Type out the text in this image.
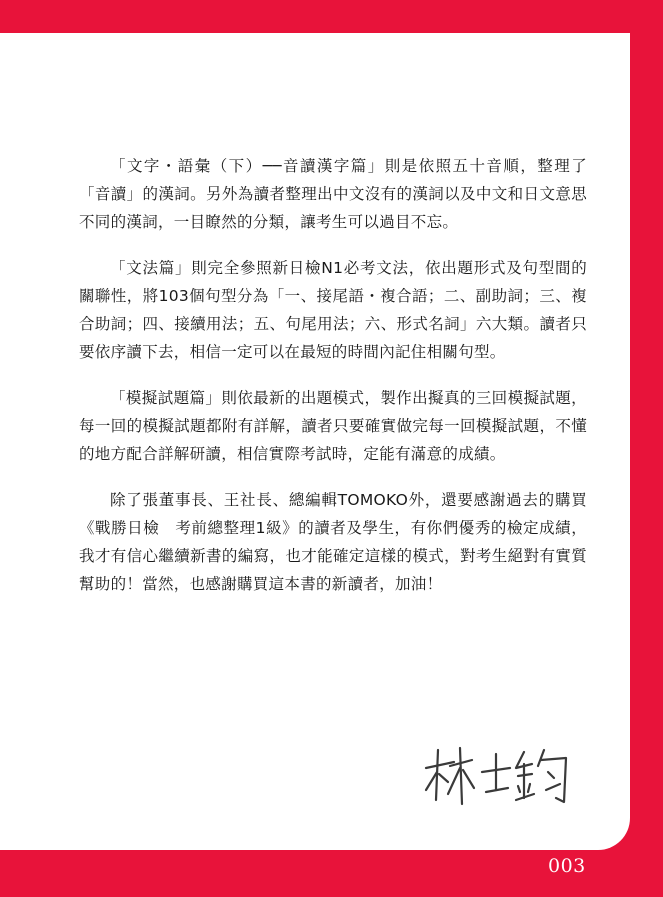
「文字・語彙（下）──音讀漢字篇」則是依照五十音順，整理了「音讀」的漢詞。另外為讀者整理出中文沒有的漢詞以及中文和日文意思不同的漢詞，一目瞭然的分類，讓考生可以過目不忘。

「文法篇」則完全參照新日檢N1必考文法，依出題形式及句型間的關聯性，將103個句型分為「一、接尾語・複合語；二、副助詞；三、複合助詞；四、接續用法；五、句尾用法；六、形式名詞」六大類。讀者只要依序讀下去，相信一定可以在最短的時間內記住相關句型。

「模擬試題篇」則依最新的出題模式，製作出擬真的三回模擬試題，每一回的模擬試題都附有詳解，讀者只要確實做完每一回模擬試題，不懂的地方配合詳解研讀，相信實際考試時，定能有滿意的成績。

除了張董事長、王社長、總編輯TOMOKO外，還要感謝過去的購買《戰勝日檢　考前總整理1級》的讀者及學生，有你們優秀的檢定成績，我才有信心繼續新書的編寫，也才能確定這樣的模式，對考生絕對有實質幫助的！當然，也感謝購買這本書的新讀者，加油！

003
